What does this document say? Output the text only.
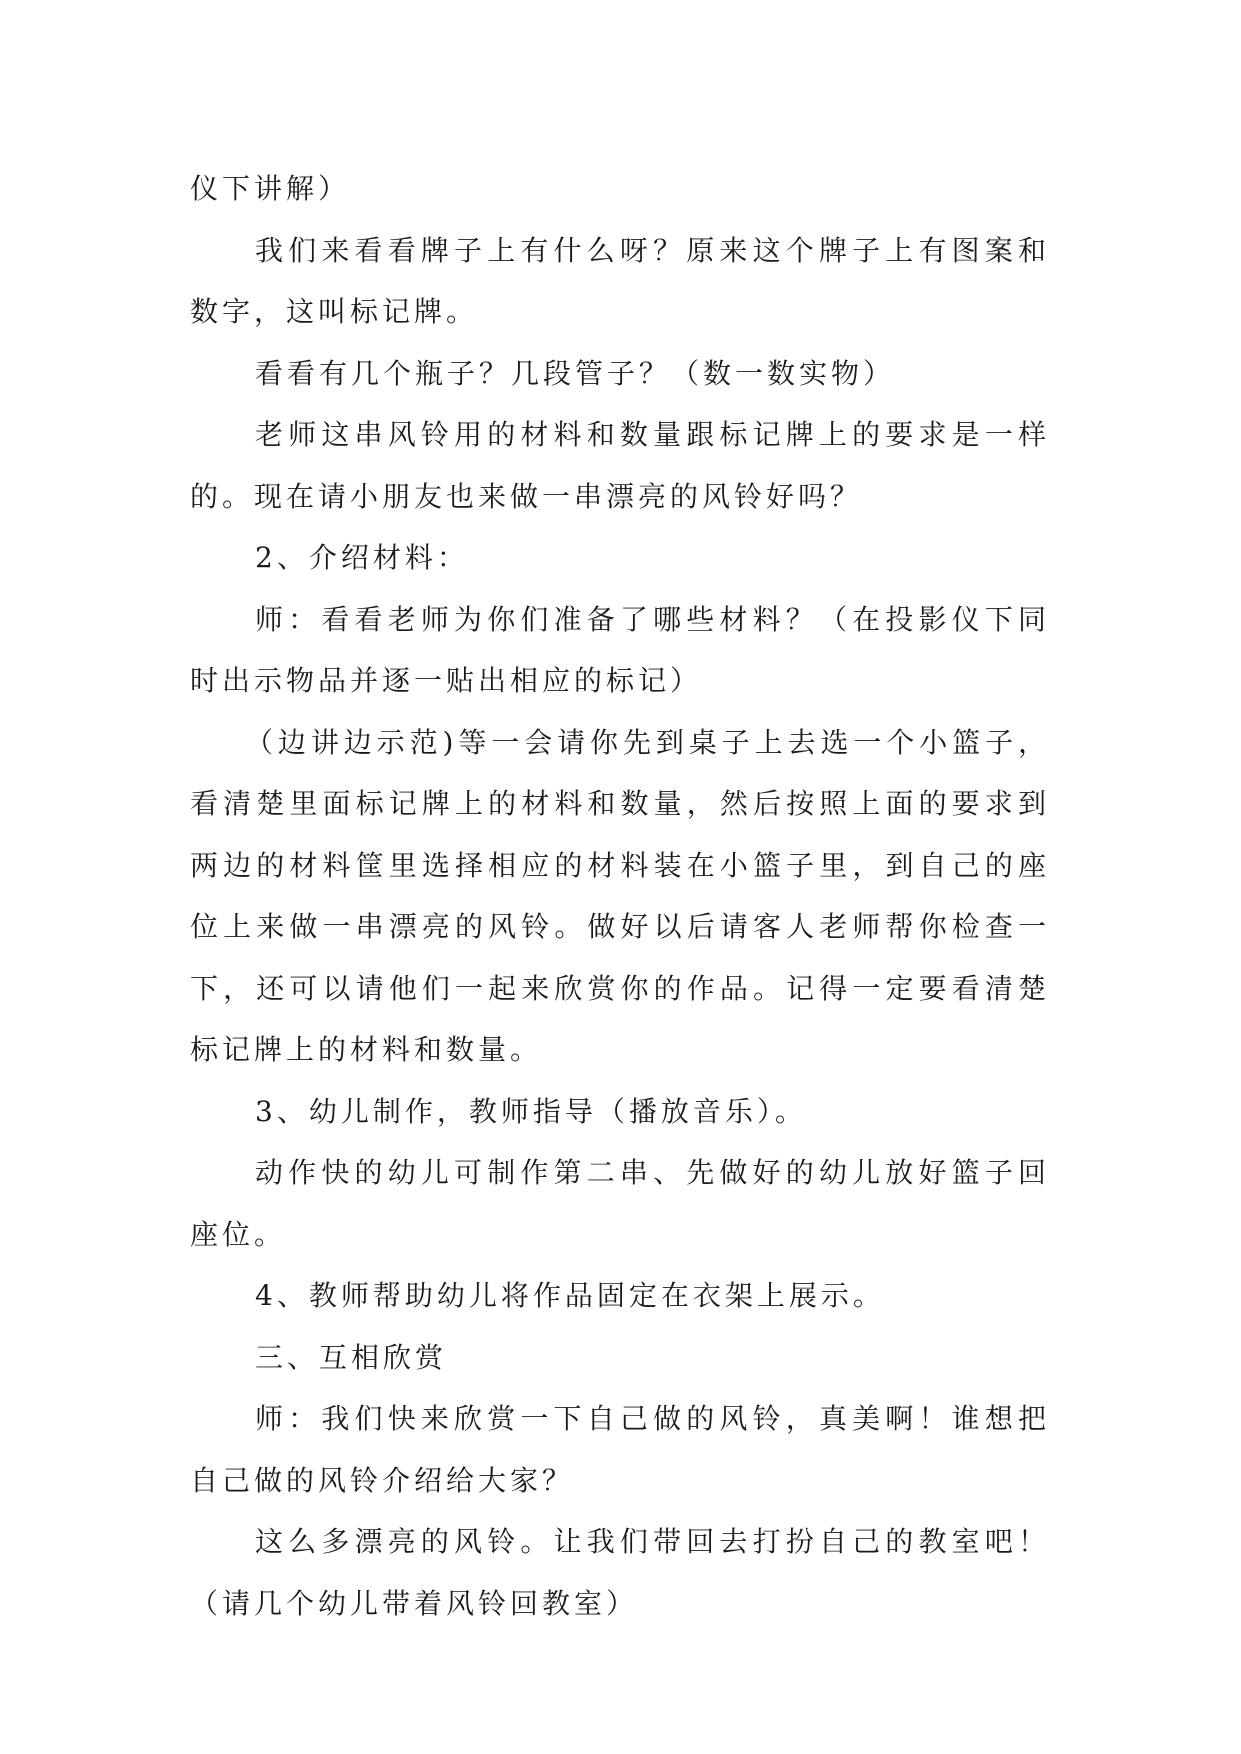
仪下讲解）

我们来看看牌子上有什么呀？原来这个牌子上有图案和数字，这叫标记牌。

看看有几个瓶子？几段管子？（数一数实物）

老师这串风铃用的材料和数量跟标记牌上的要求是一样的。现在请小朋友也来做一串漂亮的风铃好吗？

2、介绍材料：

师：看看老师为你们准备了哪些材料？（在投影仪下同时出示物品并逐一贴出相应的标记）

（边讲边示范)等一会请你先到桌子上去选一个小篮子，看清楚里面标记牌上的材料和数量，然后按照上面的要求到两边的材料筐里选择相应的材料装在小篮子里，到自己的座位上来做一串漂亮的风铃。做好以后请客人老师帮你检查一下，还可以请他们一起来欣赏你的作品。记得一定要看清楚标记牌上的材料和数量。

3、幼儿制作，教师指导（播放音乐）。

动作快的幼儿可制作第二串、先做好的幼儿放好篮子回座位。

4、教师帮助幼儿将作品固定在衣架上展示。

三、互相欣赏

师：我们快来欣赏一下自己做的风铃，真美啊！谁想把自己做的风铃介绍给大家？

这么多漂亮的风铃。让我们带回去打扮自己的教室吧！（请几个幼儿带着风铃回教室）
